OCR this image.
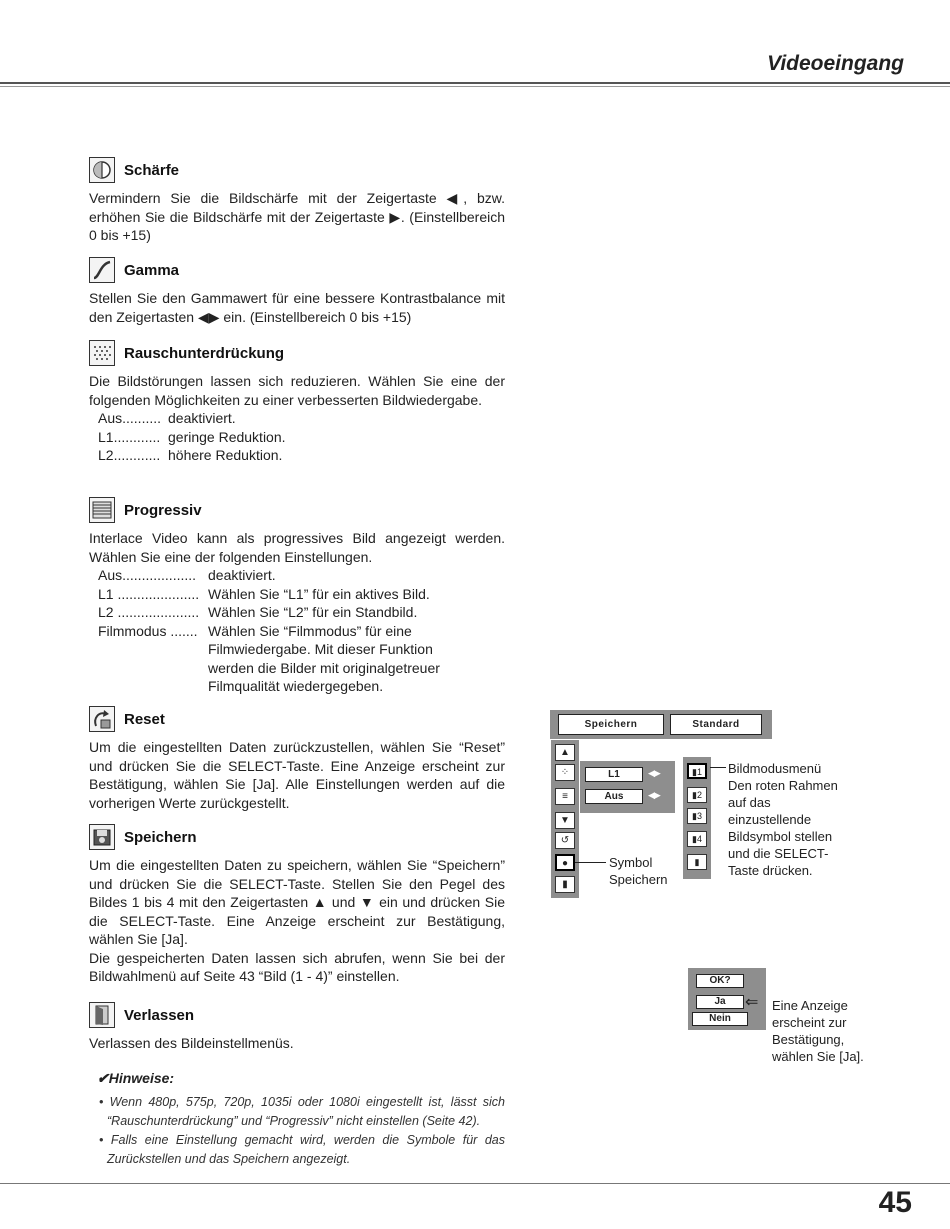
Videoeingang
Schärfe
Vermindern Sie die Bildschärfe mit der Zeigertaste ◀, bzw. erhöhen Sie die Bildschärfe mit der Zeigertaste ▶. (Einstellbereich 0 bis +15)
Gamma
Stellen Sie den Gammawert für eine bessere Kontrastbalance mit den Zeigertasten ◀▶ ein. (Einstellbereich 0 bis +15)
Rauschunterdrückung
Die Bildstörungen lassen sich reduzieren. Wählen Sie eine der folgenden Möglichkeiten zu einer verbesserten Bildwiedergabe.
Aus.......... deaktiviert.
L1............ geringe Reduktion.
L2............ höhere Reduktion.
Progressiv
Interlace Video kann als progressives Bild angezeigt werden. Wählen Sie eine der folgenden Einstellungen.
Aus................... deaktiviert.
L1 ..................... Wählen Sie “L1” für ein aktives Bild.
L2 ..................... Wählen Sie “L2” für ein Standbild.
Filmmodus ....... Wählen Sie “Filmmodus” für eine Filmwiedergabe. Mit dieser Funktion werden die Bilder mit originalgetreuer Filmqualität wiedergegeben.
Reset
Um die eingestellten Daten zurückzustellen, wählen Sie “Reset” und drücken Sie die SELECT-Taste. Eine Anzeige erscheint zur Bestätigung, wählen Sie [Ja]. Alle Einstellungen werden auf die vorherigen Werte zurückgestellt.
Speichern
Um die eingestellten Daten zu speichern, wählen Sie “Speichern” und drücken Sie die SELECT-Taste. Stellen Sie den Pegel des Bildes 1 bis 4 mit den Zeigertasten ▲ und ▼ ein und drücken Sie die SELECT-Taste. Eine Anzeige erscheint zur Bestätigung, wählen Sie [Ja].
Die gespeicherten Daten lassen sich abrufen, wenn Sie bei der Bildwahlmenü auf Seite 43 “Bild (1 - 4)” einstellen.
Verlassen
Verlassen des Bildeinstellmenüs.
✔Hinweise:
• Wenn 480p, 575p, 720p, 1035i oder 1080i eingestellt ist, lässt sich “Rauschunterdrückung” und “Progressiv” nicht einstellen (Seite 42).
• Falls eine Einstellung gemacht wird, werden die Symbole für das Zurückstellen und das Speichern angezeigt.
Speichern	Standard
▲
⁘
≡
▼
↺
●
▮
L1	◀▶
Aus	◀▶
▮1
▮2
▮3
▮4
▮
Bildmodusmenü Den roten Rahmen auf das einzustellende Bildsymbol stellen und die SELECT-Taste drücken.
Symbol Speichern
OK?
Ja
Nein
⇐ Eine Anzeige erscheint zur Bestätigung, wählen Sie [Ja].
45
